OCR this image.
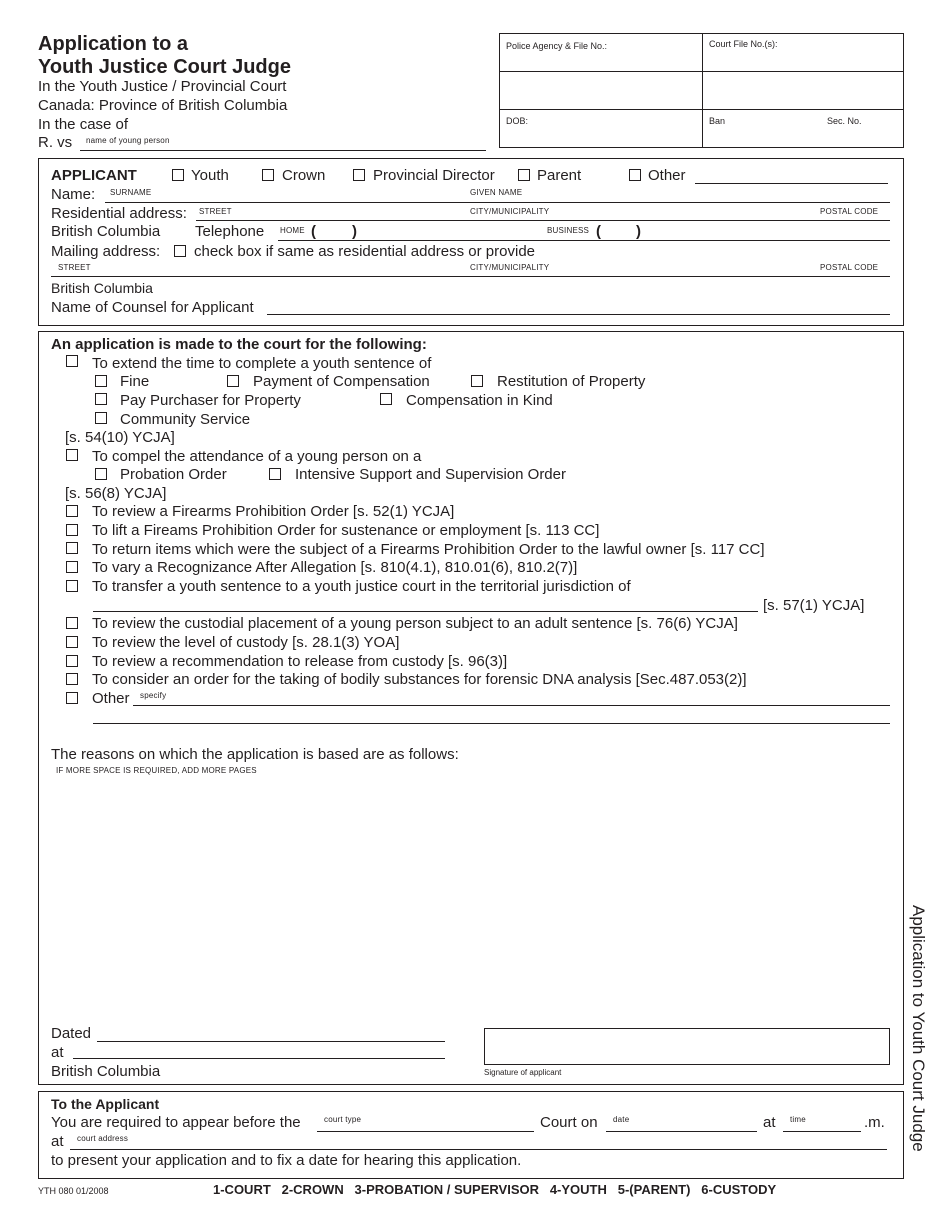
Application to a
Youth Justice Court Judge
In the Youth Justice / Provincial Court
Canada: Province of British Columbia
In the case of
R. vs name of young person
Police Agency & File No.:	Court File No.(s):
DOB:	Ban	Sec. No.
APPLICANT	Youth	Crown	Provincial Director	Parent	Other
Name: SURNAME	GIVEN NAME
Residential address: STREET	CITY/MUNICIPALITY	POSTAL CODE
British Columbia Telephone HOME ( )	BUSINESS ( )
Mailing address: check box if same as residential address or provide
STREET	CITY/MUNICIPALITY	POSTAL CODE
British Columbia
Name of Counsel for Applicant
An application is made to the court for the following:
To extend the time to complete a youth sentence of
Fine	Payment of Compensation	Restitution of Property
Pay Purchaser for Property	Compensation in Kind
Community Service
[s. 54(10) YCJA]
To compel the attendance of a young person on a
Probation Order	Intensive Support and Supervision Order
[s. 56(8) YCJA]
To review a Firearms Prohibition Order [s. 52(1) YCJA]
To lift a Fireams Prohibition Order for sustenance or employment [s. 113 CC]
To return items which were the subject of a Firearms Prohibition Order to the lawful owner [s. 117 CC]
To vary a Recognizance After Allegation [s. 810(4.1), 810.01(6), 810.2(7)]
To transfer a youth sentence to a youth justice court in the territorial jurisdiction of
[s. 57(1) YCJA]
To review the custodial placement of a young person subject to an adult sentence [s. 76(6) YCJA]
To review the level of custody [s. 28.1(3) YOA]
To review a recommendation to release from custody [s. 96(3)]
To consider an order for the taking of bodily substances for forensic DNA analysis [Sec.487.053(2)]
Other specify
The reasons on which the application is based are as follows:
IF MORE SPACE IS REQUIRED, ADD MORE PAGES
Dated
at
British Columbia	Signature of applicant
To the Applicant
You are required to appear before the	court type	Court on date	at time	.m.
at court address
to present your application and to fix a date for hearing this application.
YTH 080 01/2008	1-COURT   2-CROWN   3-PROBATION / SUPERVISOR   4-YOUTH   5-(PARENT)   6-CUSTODY
Application to Youth Court Judge
